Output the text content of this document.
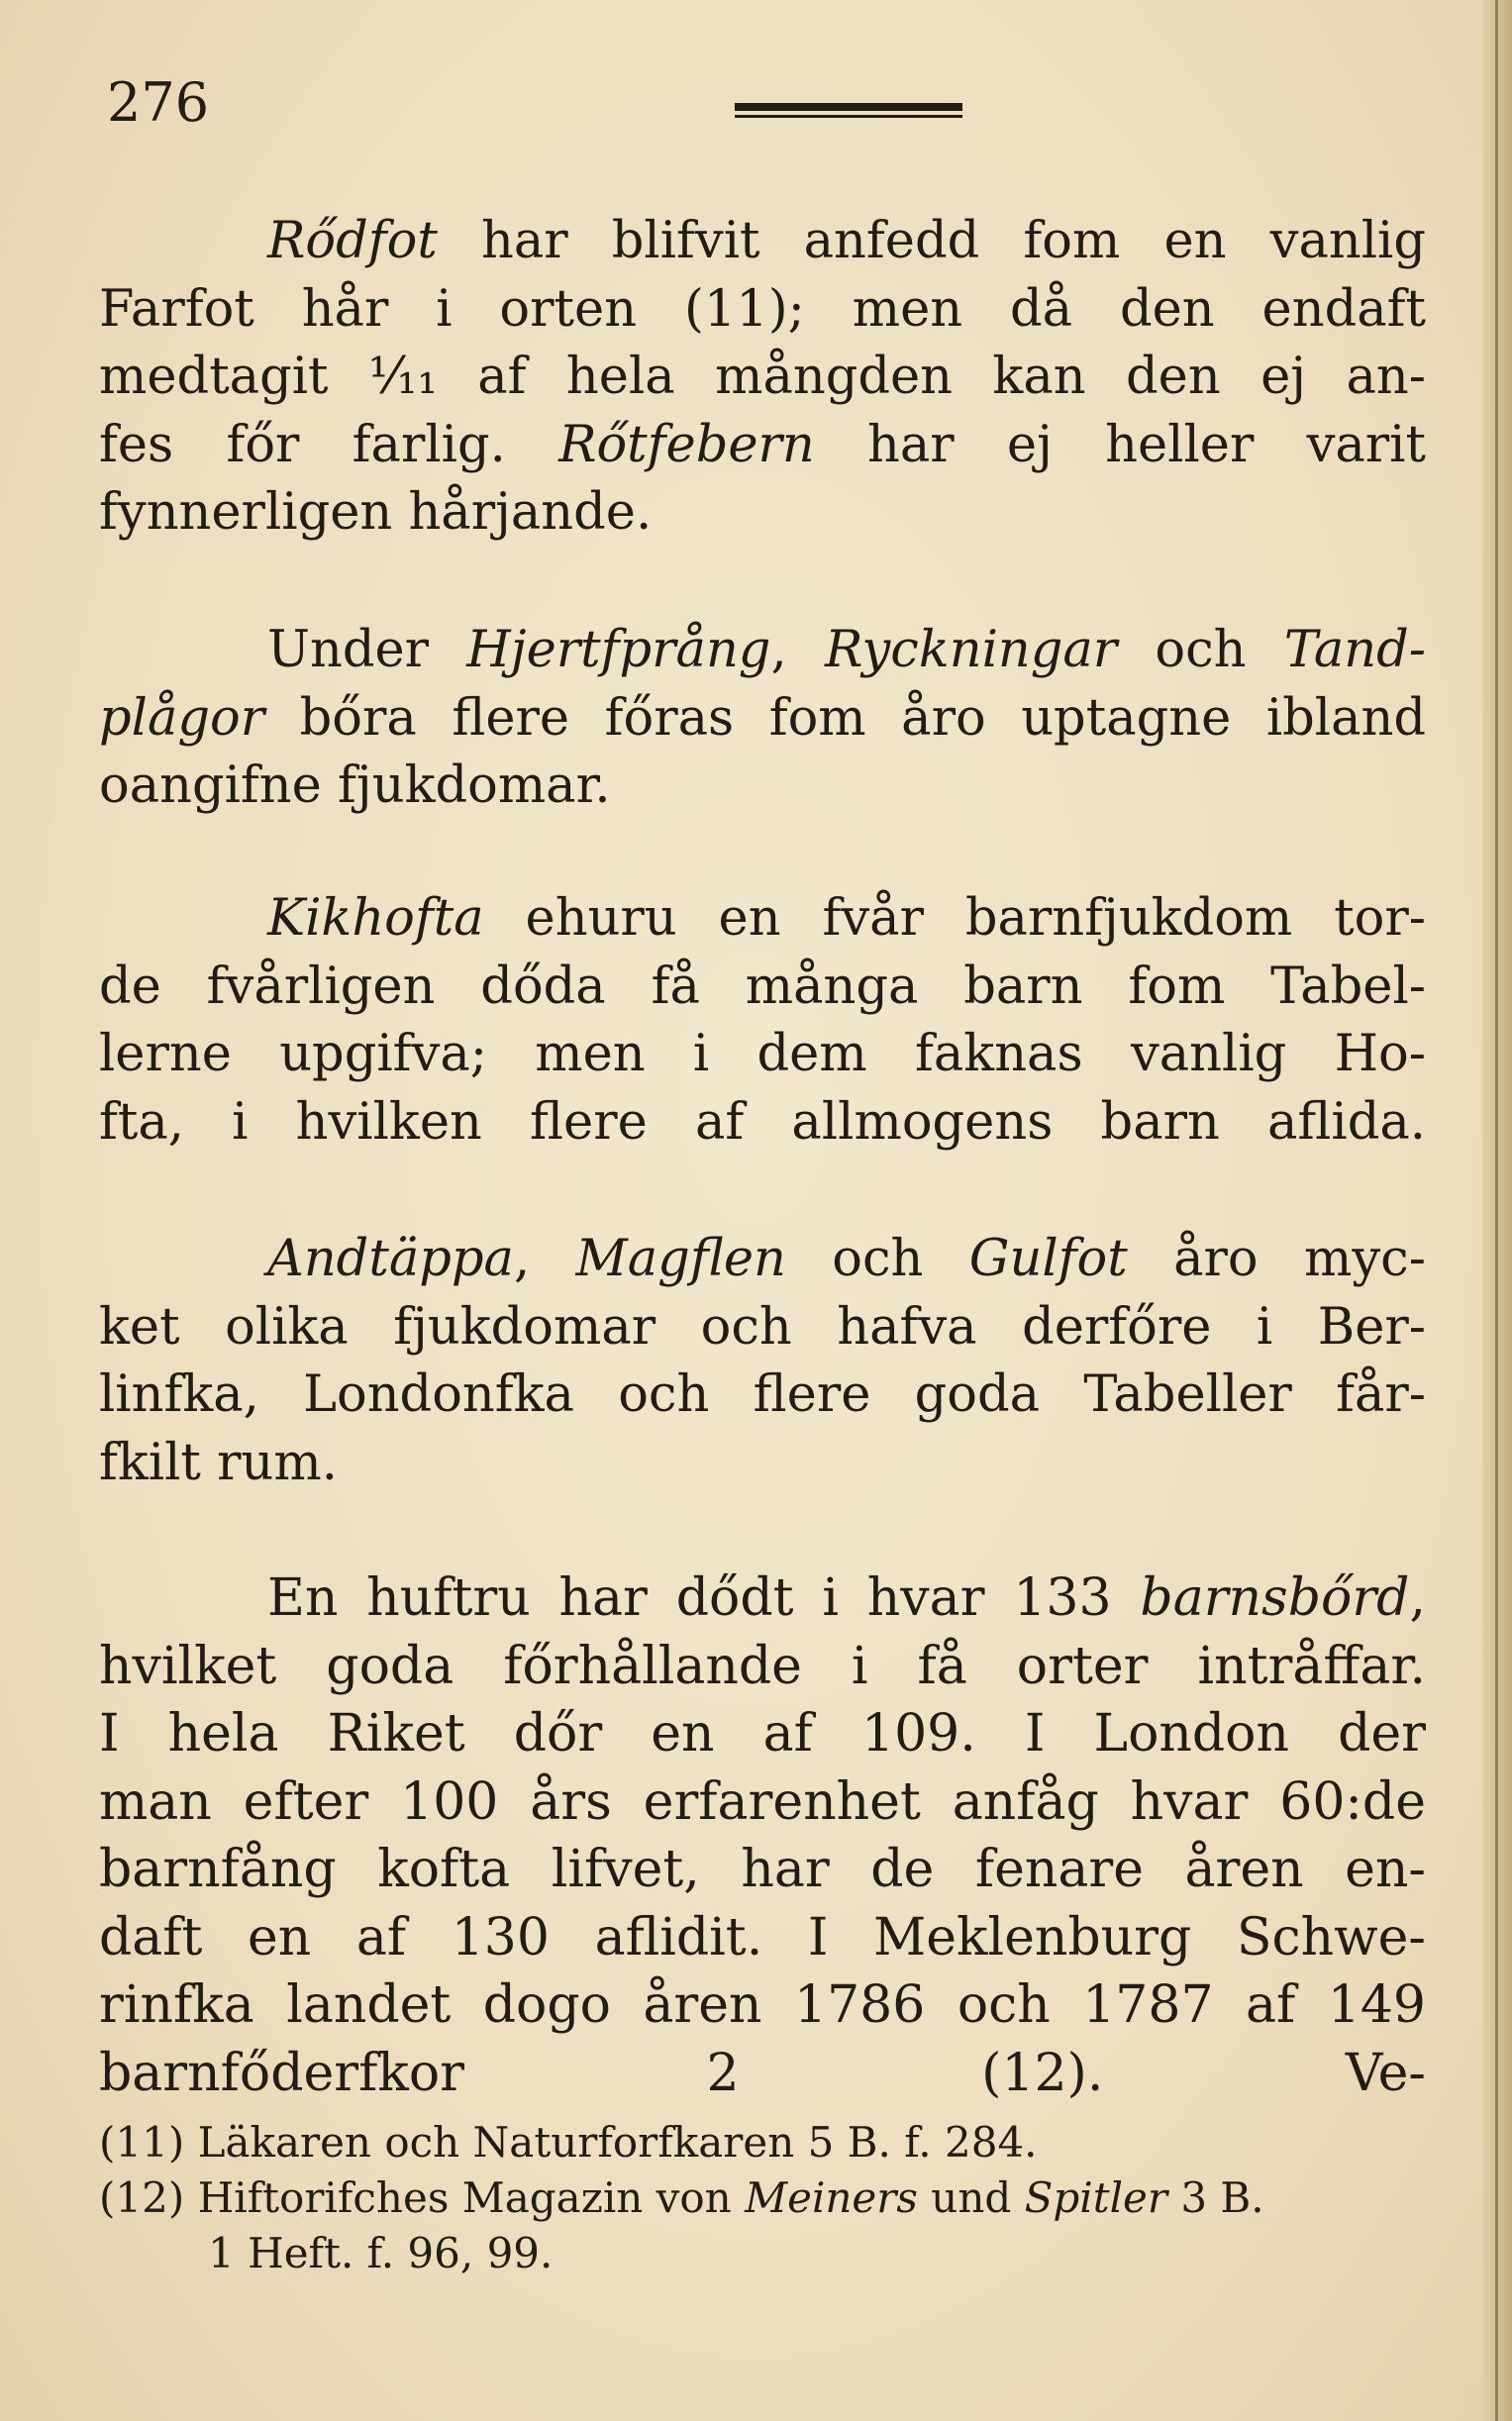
276
Rődfot har blifvit anfedd fom en vanlig
Farfot hår i orten (11); men då den endaft
medtagit ¹⁄₁₁ af hela mångden kan den ej an-
fes főr farlig. Rőtfebern har ej heller varit
fynnerligen hårjande.
Under Hjertfprång, Ryckningar och Tand-
plågor bőra flere főras fom åro uptagne ibland
oangifne fjukdomar.
Kikhofta ehuru en fvår barnfjukdom tor-
de fvårligen dőda få många barn fom Tabel-
lerne upgifva; men i dem faknas vanlig Ho-
fta, i hvilken flere af allmogens barn aflida.
Andtäppa, Magflen och Gulfot åro myc-
ket olika fjukdomar och hafva derfőre i Ber-
linfka, Londonfka och flere goda Tabeller får-
fkilt rum.
En huftru har dődt i hvar 133 barnsbőrd,
hvilket goda főrhållande i få orter intråffar.
I hela Riket dőr en af 109. I London der
man efter 100 års erfarenhet anfåg hvar 60:de
barnfång kofta lifvet, har de fenare åren en-
daft en af 130 aflidit. I Meklenburg Schwe-
rinfka landet dogo åren 1786 och 1787 af 149
barnfőderfkor 2 (12).	Ve-
(11) Läkaren och Naturforfkaren 5 B. f. 284.
(12) Hiftorifches Magazin von Meiners und Spitler 3 B.
1 Heft. f. 96, 99.
